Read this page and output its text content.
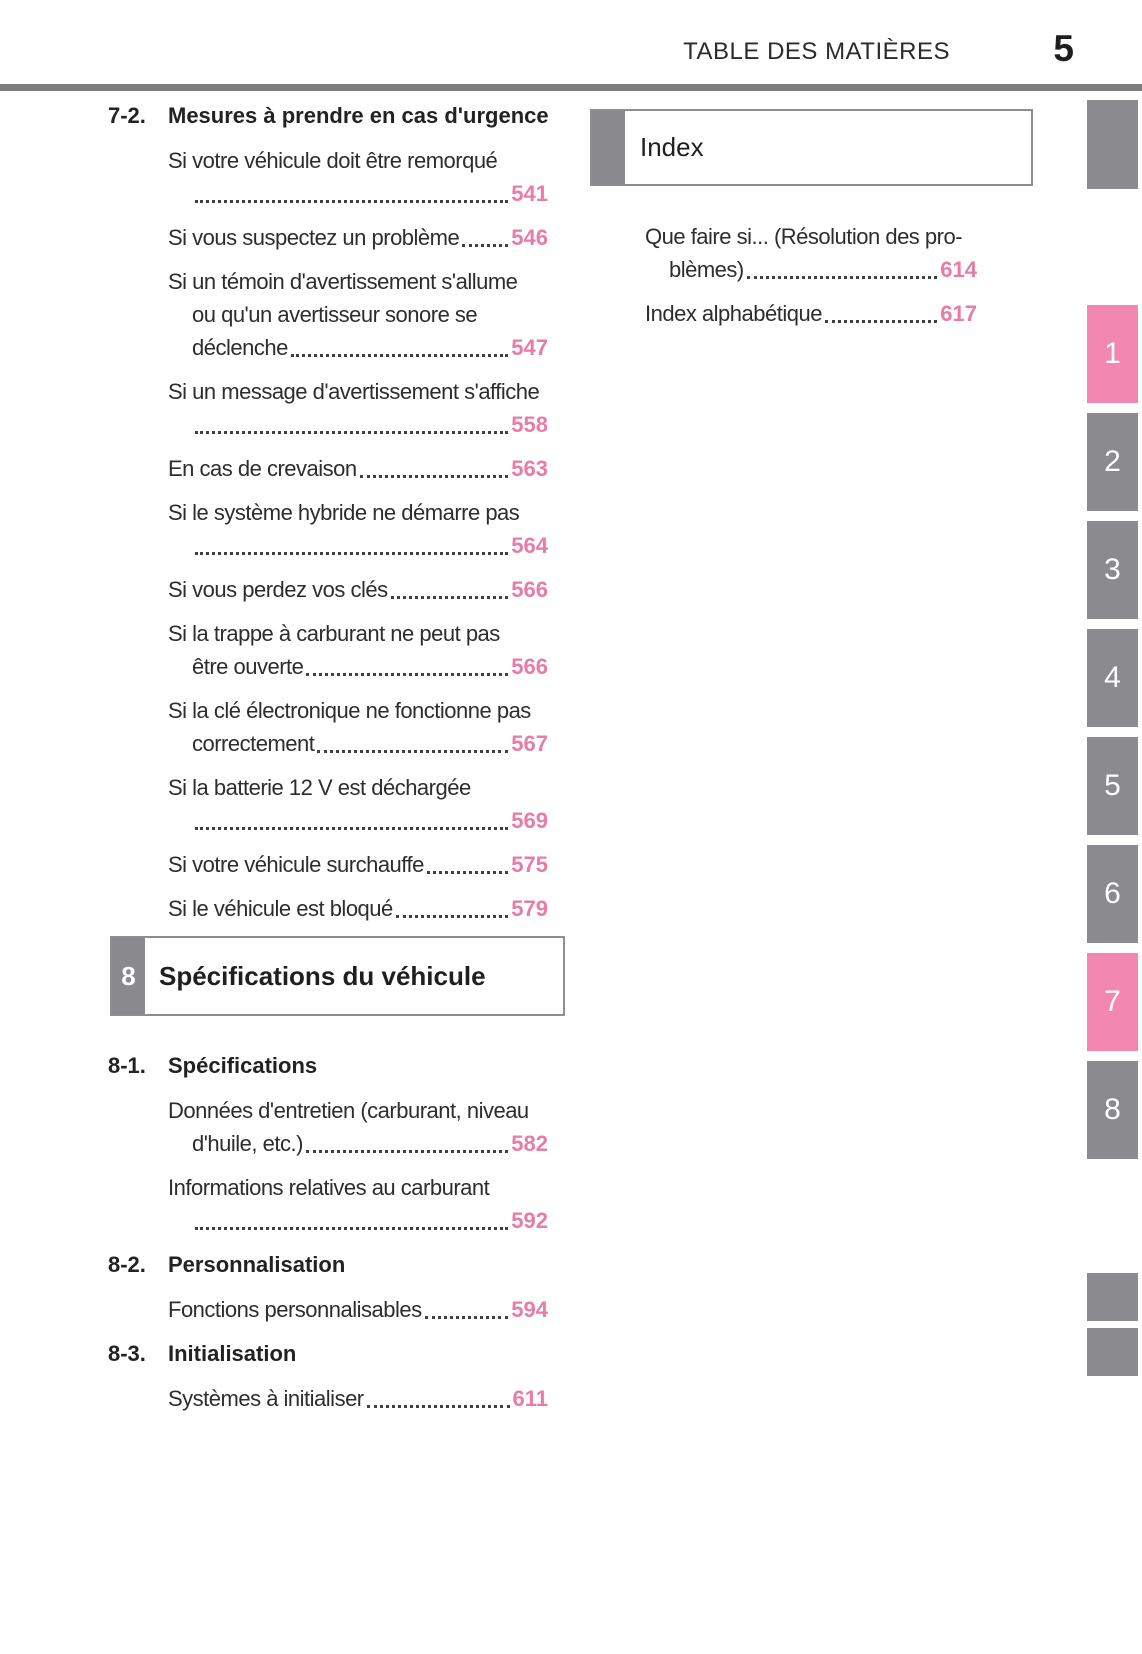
TABLE DES MATIÈRES	5
7-2.	Mesures à prendre en cas d'urgence
Si votre véhicule doit être remorqué
541
Si vous suspectez un problème 546
Si un témoin d'avertissement s'allume
ou qu'un avertisseur sonore se
déclenche	547
Si un message d'avertissement s'affiche
558
En cas de crevaison	563
Si le système hybride ne démarre pas
564
Si vous perdez vos clés	566
Si la trappe à carburant ne peut pas
être ouverte	566
Si la clé électronique ne fonctionne pas
correctement	567
Si la batterie 12 V est déchargée
569
Si votre véhicule surchauffe	575
Si le véhicule est bloqué	579
8 Spécifications du véhicule
8-1.	Spécifications
Données d'entretien (carburant, niveau
d'huile, etc.)	582
Informations relatives au carburant
592
8-2.	Personnalisation
Fonctions personnalisables	594
8-3.	Initialisation
Systèmes à initialiser	611
Index
Que faire si... (Résolution des pro-
blèmes)	614
Index alphabétique	617
1
2
3
4
5
6
7
8
